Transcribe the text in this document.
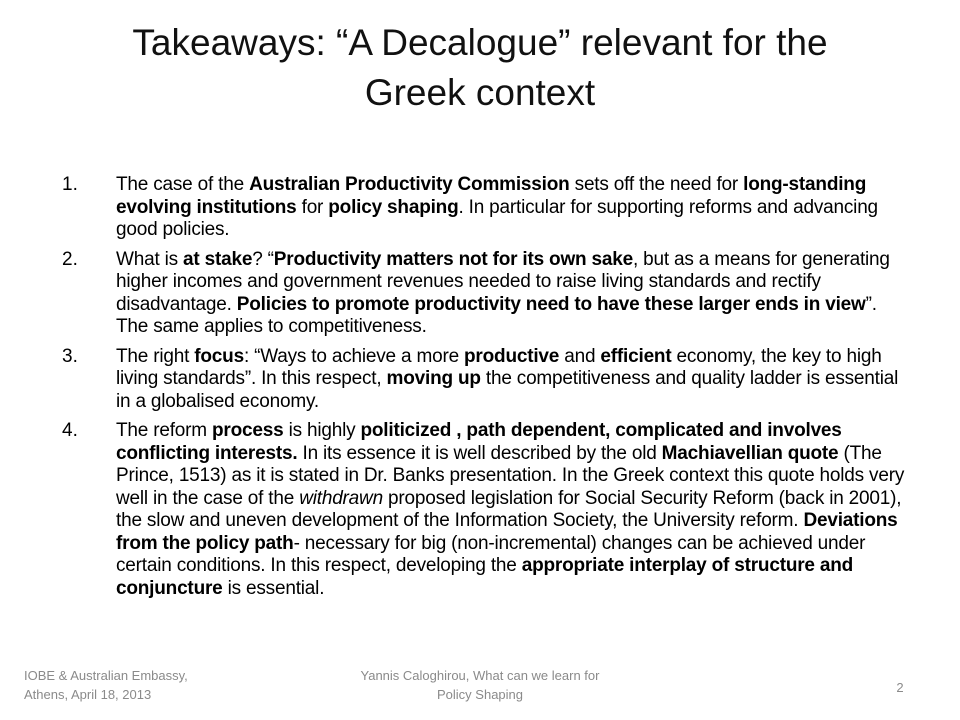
Takeaways: “A Decalogue” relevant for the
Greek context
1. The case of the Australian Productivity Commission sets off the need for long-standing evolving institutions for policy shaping. In particular for supporting reforms and advancing good policies.
2. What is at stake? “Productivity matters not for its own sake, but as a means for generating higher incomes and government revenues needed to raise living standards and rectify disadvantage. Policies to promote productivity need to have these larger ends in view”. The same applies to competitiveness.
3. The right focus: “Ways to achieve a more productive and efficient economy, the key to high living standards”. In this respect, moving up the competitiveness and quality ladder is essential in a globalised economy.
4. The reform process is highly politicized , path dependent, complicated and involves conflicting interests. In its essence it is well described by the old Machiavellian quote (The Prince, 1513) as it is stated in Dr. Banks presentation. In the Greek context this quote holds very well in the case of the withdrawn proposed legislation for Social Security Reform (back in 2001), the slow and uneven development of the Information Society, the University reform. Deviations from the policy path- necessary for big (non-incremental) changes can be achieved under certain conditions. In this respect, developing the appropriate interplay of structure and conjuncture is essential.
IOBE & Australian Embassy,
Athens, April 18, 2013
Yannis Caloghirou, What can we learn for
Policy Shaping	2
